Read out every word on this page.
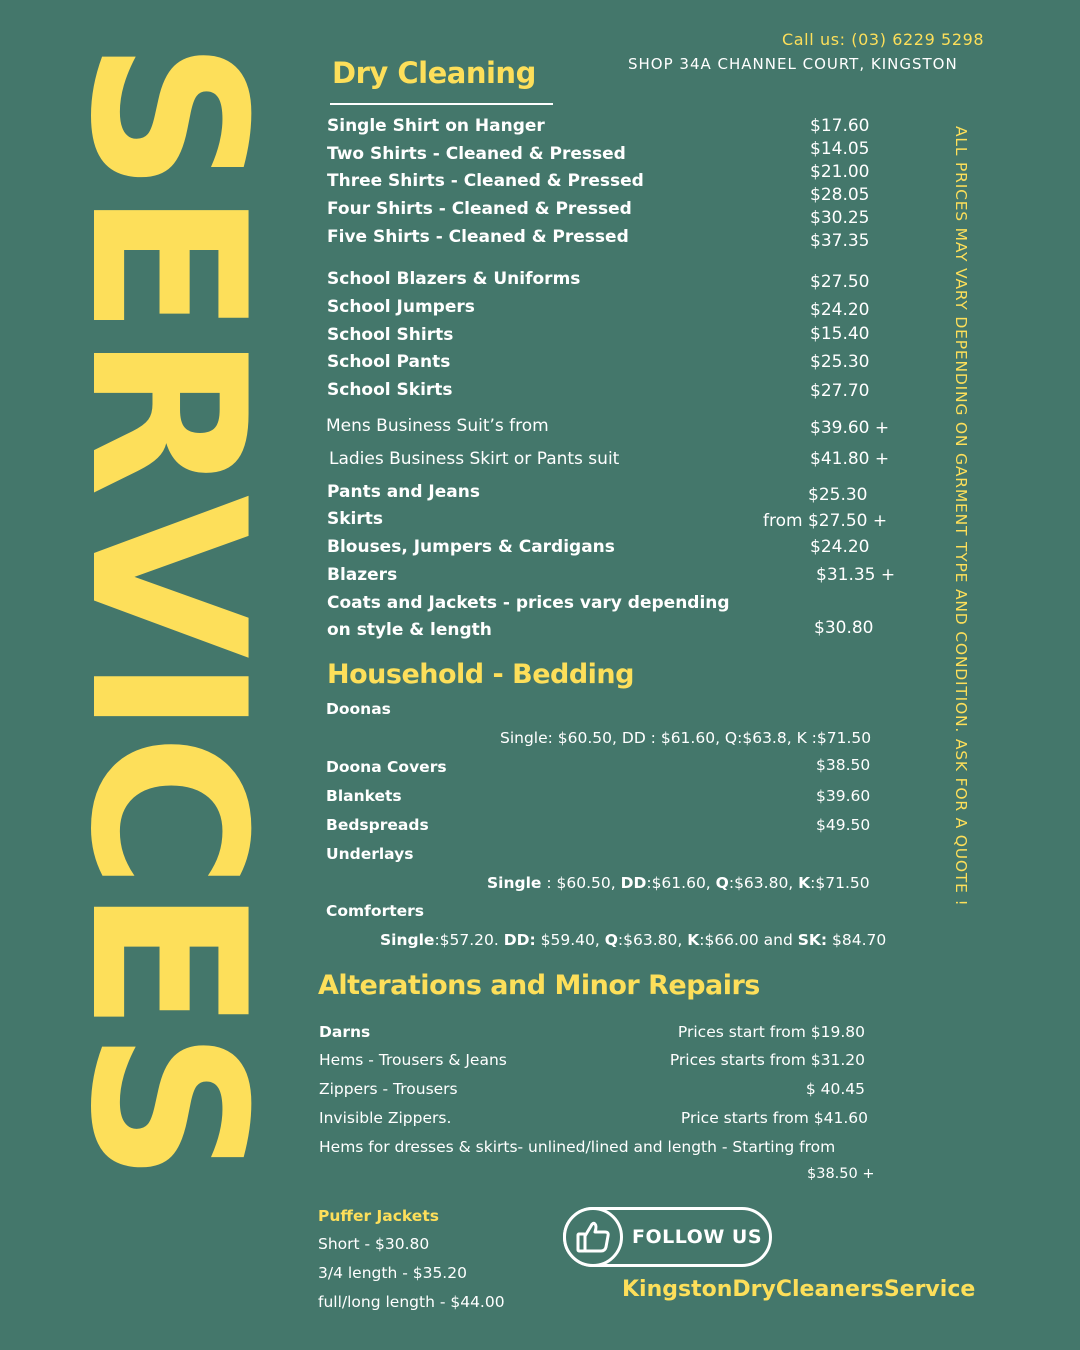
SERVICES
Call us: (03) 6229 5298
SHOP 34A CHANNEL COURT, KINGSTON
ALL PRICES MAY VARY DEPENDING ON GARMENT TYPE AND CONDITION. ASK FOR A QUOTE !
Dry Cleaning
Single Shirt on Hanger
Two Shirts - Cleaned & Pressed
Three Shirts - Cleaned & Pressed
Four Shirts - Cleaned & Pressed
Five Shirts - Cleaned & Pressed
$17.60
$14.05
$21.00
$28.05
$30.25
$37.35
School Blazers & Uniforms
School Jumpers
School Shirts
School Pants
School Skirts
$27.50
$24.20
$15.40
$25.30
$27.70
Mens Business Suit’s from
Ladies Business Skirt or Pants suit
$39.60 +
$41.80 +
Pants and Jeans
Skirts
Blouses, Jumpers & Cardigans
Blazers
Coats and Jackets - prices vary depending
on style & length
$25.30
from $27.50 +
$24.20
$31.35 +
$30.80
Household - Bedding
Doonas
Single: $60.50, DD : $61.60, Q:$63.8, K :$71.50
Doona Covers
Blankets
Bedspreads
$38.50
$39.60
$49.50
Underlays
Single : $60.50, DD:$61.60, Q:$63.80, K:$71.50
Comforters
Single:$57.20. DD: $59.40, Q:$63.80, K:$66.00 and SK: $84.70
Alterations and Minor Repairs
Darns
Hems - Trousers & Jeans
Zippers - Trousers
Invisible Zippers.
Prices start from $19.80
Prices starts from $31.20
$ 40.45
Price starts from $41.60
Hems for dresses & skirts- unlined/lined and length - Starting from
$38.50 +
Puffer Jackets
Short - $30.80
3/4 length - $35.20
full/long length - $44.00
FOLLOW US
KingstonDryCleanersService
